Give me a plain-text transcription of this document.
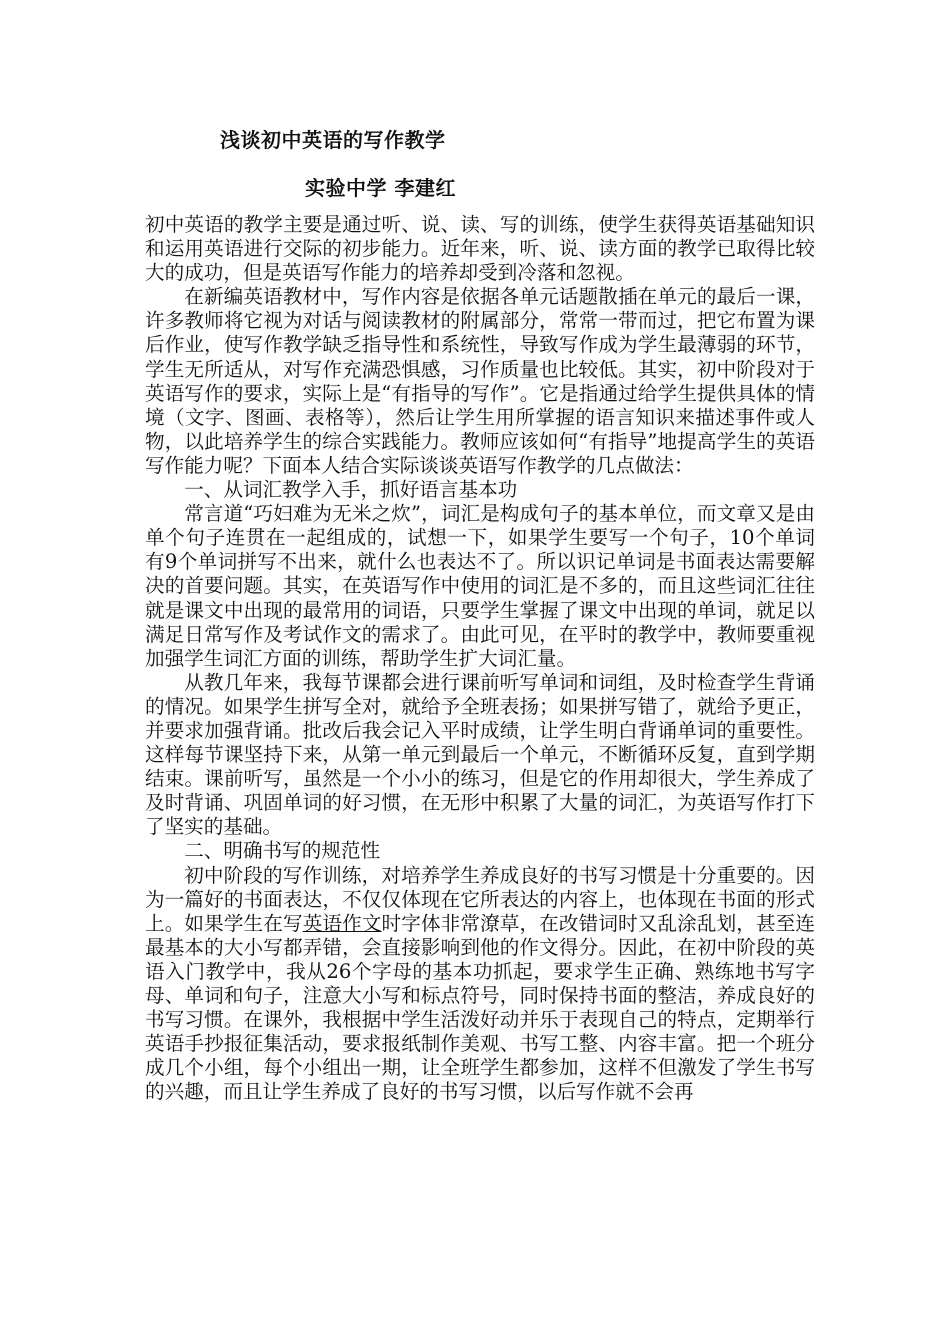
浅谈初中英语的写作教学
实验中学 李建红

初中英语的教学主要是通过听、说、读、写的训练，使学生获得英语基础知识和运用英语进行交际的初步能力。近年来，听、说、读方面的教学已取得比较大的成功，但是英语写作能力的培养却受到冷落和忽视。

在新编英语教材中，写作内容是依据各单元话题散插在单元的最后一课，许多教师将它视为对话与阅读教材的附属部分，常常一带而过，把它布置为课后作业，使写作教学缺乏指导性和系统性，导致写作成为学生最薄弱的环节，学生无所适从，对写作充满恐惧感，习作质量也比较低。其实，初中阶段对于英语写作的要求，实际上是“有指导的写作”。它是指通过给学生提供具体的情境（文字、图画、表格等），然后让学生用所掌握的语言知识来描述事件或人物，以此培养学生的综合实践能力。教师应该如何“有指导”地提高学生的英语写作能力呢？下面本人结合实际谈谈英语写作教学的几点做法：

一、从词汇教学入手，抓好语言基本功

常言道“巧妇难为无米之炊”，词汇是构成句子的基本单位，而文章又是由单个句子连贯在一起组成的，试想一下，如果学生要写一个句子，10个单词有9个单词拼写不出来，就什么也表达不了。所以识记单词是书面表达需要解决的首要问题。其实，在英语写作中使用的词汇是不多的，而且这些词汇往往就是课文中出现的最常用的词语，只要学生掌握了课文中出现的单词，就足以满足日常写作及考试作文的需求了。由此可见，在平时的教学中，教师要重视加强学生词汇方面的训练，帮助学生扩大词汇量。

从教几年来，我每节课都会进行课前听写单词和词组，及时检查学生背诵的情况。如果学生拼写全对，就给予全班表扬；如果拼写错了，就给予更正，并要求加强背诵。批改后我会记入平时成绩，让学生明白背诵单词的重要性。这样每节课坚持下来，从第一单元到最后一个单元，不断循环反复，直到学期结束。课前听写，虽然是一个小小的练习，但是它的作用却很大，学生养成了及时背诵、巩固单词的好习惯，在无形中积累了大量的词汇，为英语写作打下了坚实的基础。

二、明确书写的规范性

初中阶段的写作训练，对培养学生养成良好的书写习惯是十分重要的。因为一篇好的书面表达，不仅仅体现在它所表达的内容上，也体现在书面的形式上。如果学生在写英语作文时字体非常潦草，在改错词时又乱涂乱划，甚至连最基本的大小写都弄错，会直接影响到他的作文得分。因此，在初中阶段的英语入门教学中，我从26个字母的基本功抓起，要求学生正确、熟练地书写字母、单词和句子，注意大小写和标点符号，同时保持书面的整洁，养成良好的书写习惯。在课外，我根据中学生活泼好动并乐于表现自己的特点，定期举行英语手抄报征集活动，要求报纸制作美观、书写工整、内容丰富。把一个班分成几个小组，每个小组出一期，让全班学生都参加，这样不但激发了学生书写的兴趣，而且让学生养成了良好的书写习惯，以后写作就不会再
